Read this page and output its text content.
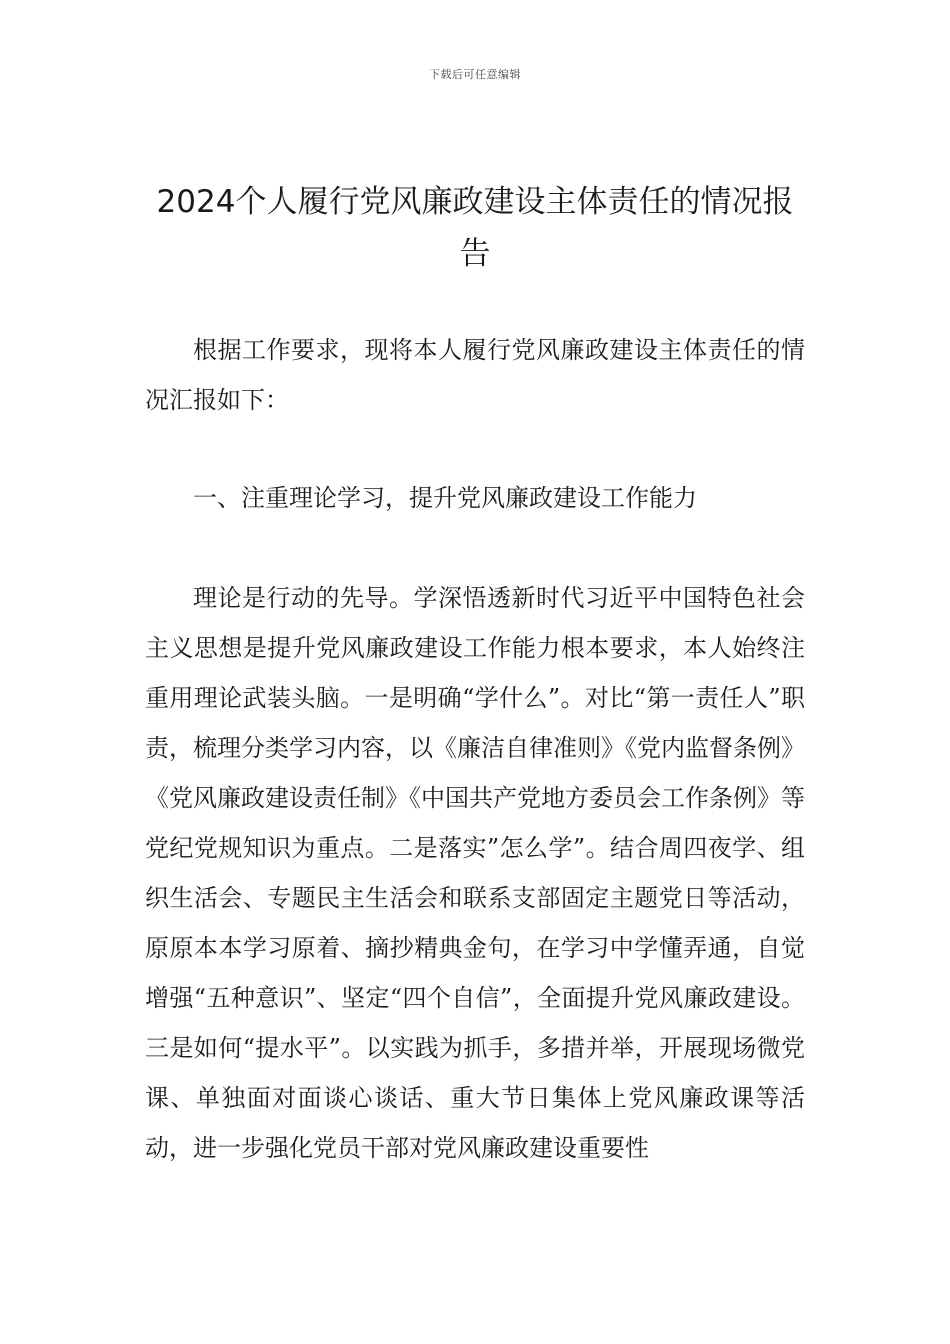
下载后可任意编辑
2024个人履行党风廉政建设主体责任的情况报告

根据工作要求，现将本人履行党风廉政建设主体责任的情况汇报如下：

一、注重理论学习，提升党风廉政建设工作能力

理论是行动的先导。学深悟透新时代习近平中国特色社会主义思想是提升党风廉政建设工作能力根本要求，本人始终注重用理论武装头脑。一是明确“学什么”。对比“第一责任人”职责，梳理分类学习内容，以《廉洁自律准则》《党内监督条例》《党风廉政建设责任制》《中国共产党地方委员会工作条例》等党纪党规知识为重点。二是落实”怎么学”。结合周四夜学、组织生活会、专题民主生活会和联系支部固定主题党日等活动，原原本本学习原着、摘抄精典金句，在学习中学懂弄通，自觉增强“五种意识”、坚定“四个自信”，全面提升党风廉政建设。三是如何“提水平”。以实践为抓手，多措并举，开展现场微党课、单独面对面谈心谈话、重大节日集体上党风廉政课等活动，进一步强化党员干部对党风廉政建设重要性
